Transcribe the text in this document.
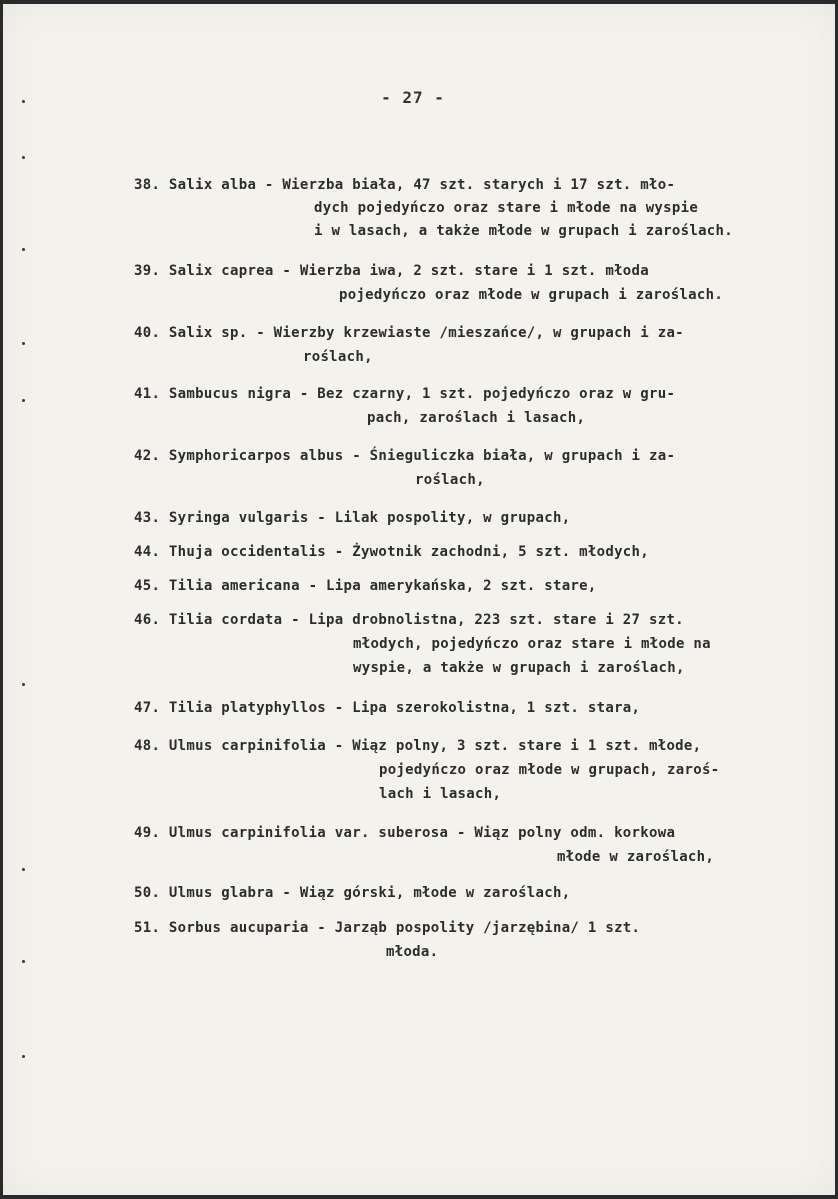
- 27 -
38. Salix alba - Wierzba biała, 47 szt. starych i 17 szt. mło-
dych pojedyńczo oraz stare i młode na wyspie
i w lasach, a także młode w grupach i zaroślach.
39. Salix caprea - Wierzba iwa, 2 szt. stare i 1 szt. młoda
pojedyńczo oraz młode w grupach i zaroślach.
40. Salix sp. - Wierzby krzewiaste /mieszańce/, w grupach i za-
roślach,
41. Sambucus nigra - Bez czarny, 1 szt. pojedyńczo oraz w gru-
pach, zaroślach i lasach,
42. Symphoricarpos albus - Śnieguliczka biała, w grupach i za-
roślach,
43. Syringa vulgaris - Lilak pospolity, w grupach,
44. Thuja occidentalis - Żywotnik zachodni, 5 szt. młodych,
45. Tilia americana - Lipa amerykańska, 2 szt. stare,
46. Tilia cordata - Lipa drobnolistna, 223 szt. stare i 27 szt.
młodych, pojedyńczo oraz stare i młode na
wyspie, a także w grupach i zaroślach,
47. Tilia platyphyllos - Lipa szerokolistna, 1 szt. stara,
48. Ulmus carpinifolia - Wiąz polny, 3 szt. stare i 1 szt. młode,
pojedyńczo oraz młode w grupach, zaroś-
lach i lasach,
49. Ulmus carpinifolia var. suberosa - Wiąz polny odm. korkowa
młode w zaroślach,
50. Ulmus glabra - Wiąz górski, młode w zaroślach,
51. Sorbus aucuparia - Jarząb pospolity /jarzębina/ 1 szt.
młoda.
